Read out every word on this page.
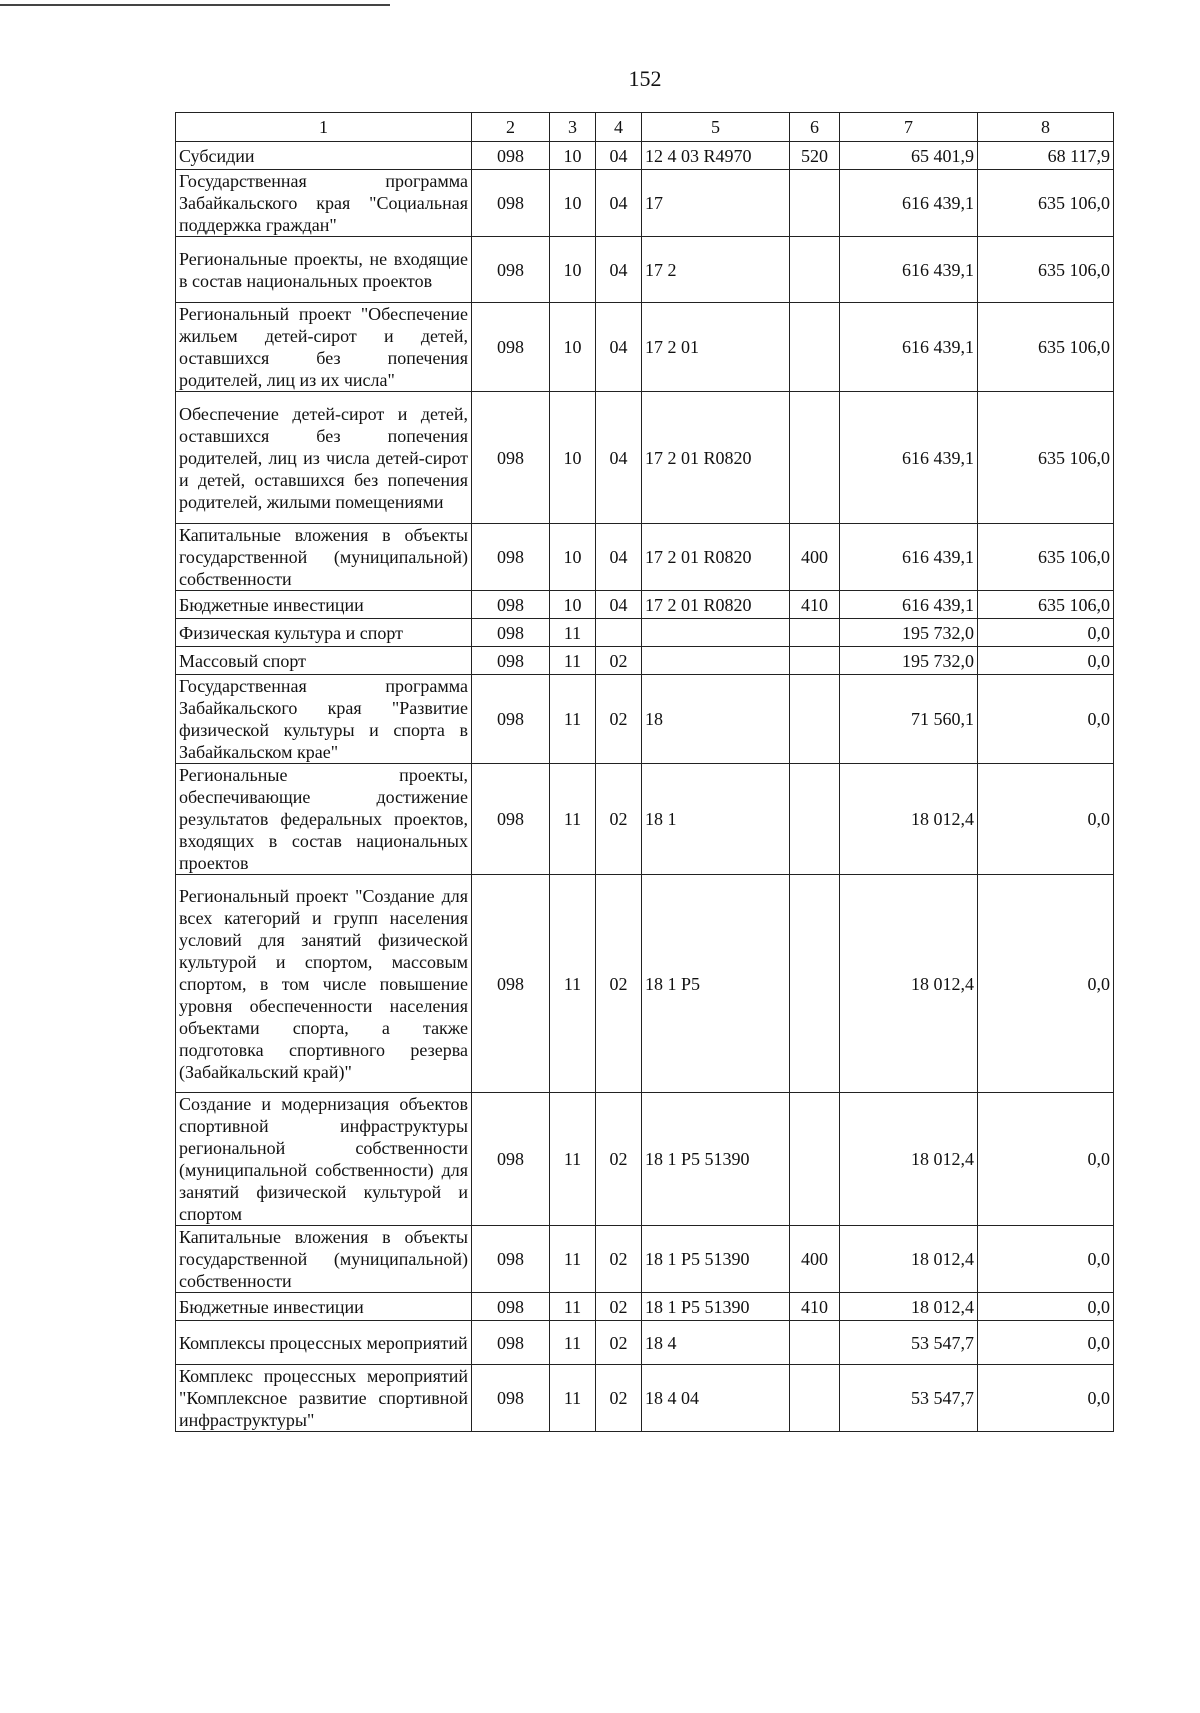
152
1	2	3	4	5	6	7	8
Субсидии	098	10	04	12 4 03 R4970	520	65 401,9	68 117,9
Государственная программа Забайкальского края "Социальная поддержка граждан"	098	10	04	17		616 439,1	635 106,0
Региональные проекты, не входящие в состав национальных проектов	098	10	04	17 2		616 439,1	635 106,0
Региональный проект "Обеспечение жильем детей-сирот и детей, оставшихся без попечения родителей, лиц из их числа"	098	10	04	17 2 01		616 439,1	635 106,0
Обеспечение детей-сирот и детей, оставшихся без попечения родителей, лиц из числа детей-сирот и детей, оставшихся без попечения родителей, жилыми помещениями	098	10	04	17 2 01 R0820		616 439,1	635 106,0
Капитальные вложения в объекты государственной (муниципальной) собственности	098	10	04	17 2 01 R0820	400	616 439,1	635 106,0
Бюджетные инвестиции	098	10	04	17 2 01 R0820	410	616 439,1	635 106,0
Физическая культура и спорт	098	11				195 732,0	0,0
Массовый спорт	098	11	02			195 732,0	0,0
Государственная программа Забайкальского края "Развитие физической культуры и спорта в Забайкальском крае"	098	11	02	18		71 560,1	0,0
Региональные проекты, обеспечивающие достижение результатов федеральных проектов, входящих в состав национальных проектов	098	11	02	18 1		18 012,4	0,0
Региональный проект "Создание для всех категорий и групп населения условий для занятий физической культурой и спортом, массовым спортом, в том числе повышение уровня обеспеченности населения объектами спорта, а также подготовка спортивного резерва (Забайкальский край)"	098	11	02	18 1 P5		18 012,4	0,0
Создание и модернизация объектов спортивной инфраструктуры региональной собственности (муниципальной собственности) для занятий физической культурой и спортом	098	11	02	18 1 P5 51390		18 012,4	0,0
Капитальные вложения в объекты государственной (муниципальной) собственности	098	11	02	18 1 P5 51390	400	18 012,4	0,0
Бюджетные инвестиции	098	11	02	18 1 P5 51390	410	18 012,4	0,0
Комплексы процессных мероприятий	098	11	02	18 4		53 547,7	0,0
Комплекс процессных мероприятий "Комплексное развитие спортивной инфраструктуры"	098	11	02	18 4 04		53 547,7	0,0
